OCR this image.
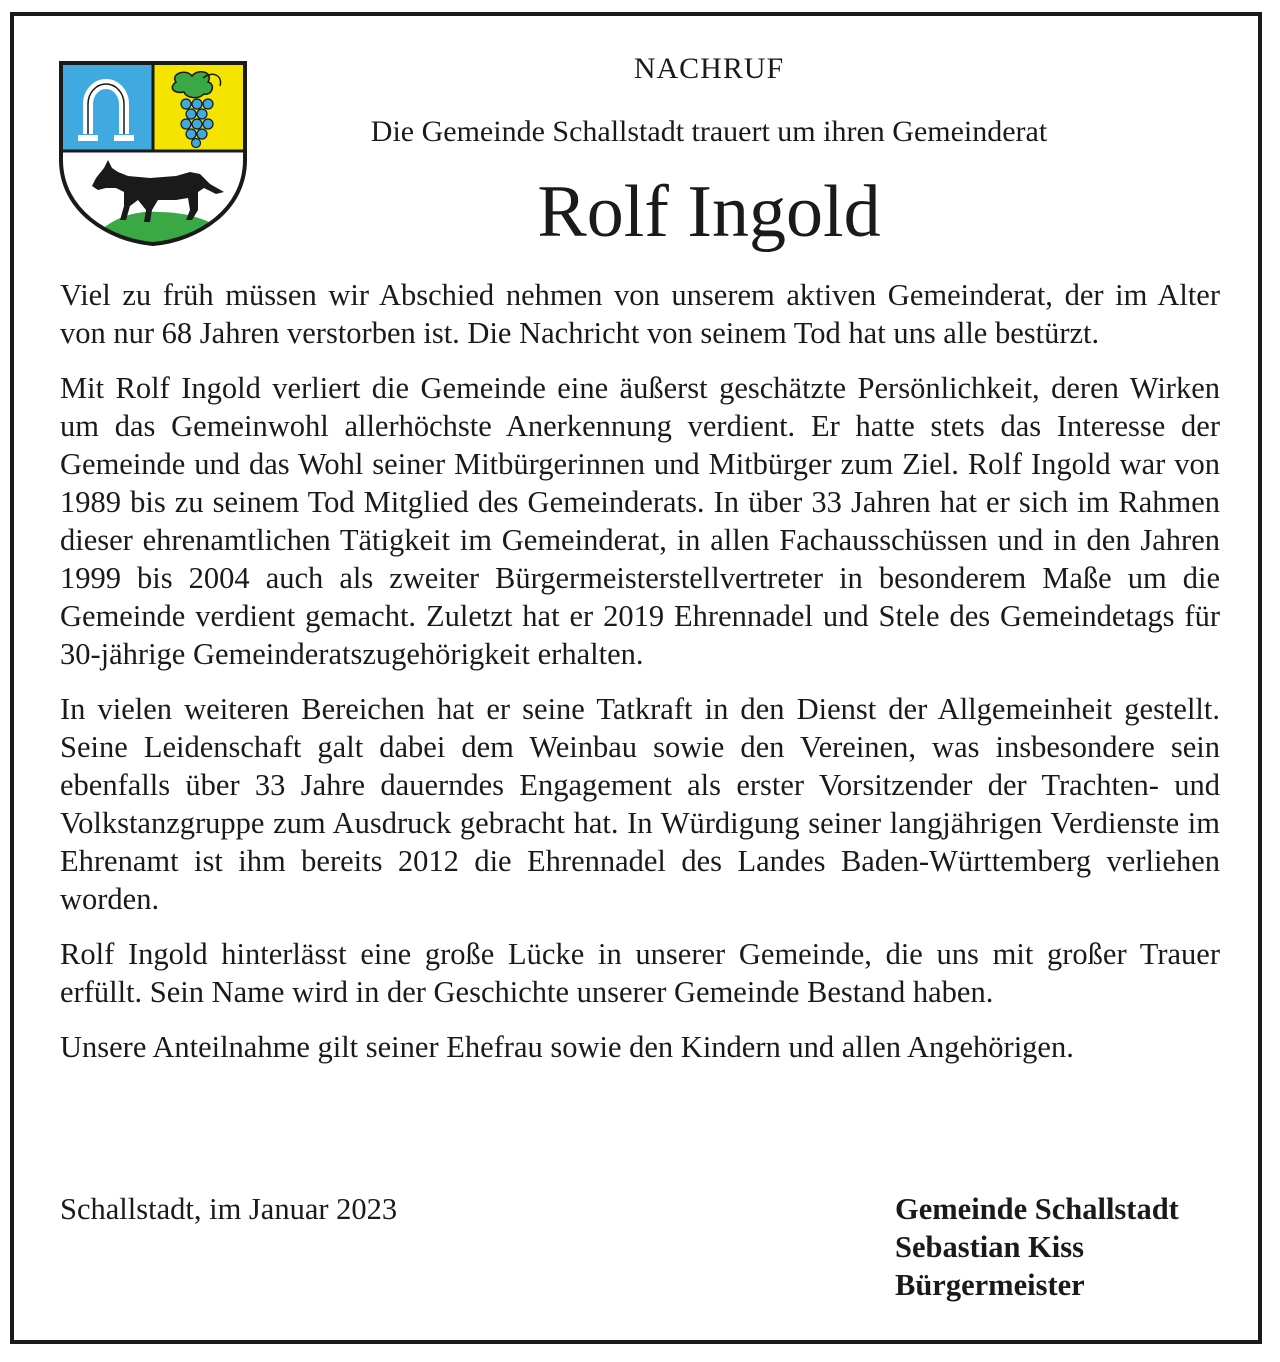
NACHRUF
Die Gemeinde Schallstadt trauert um ihren Gemeinderat
Rolf Ingold

Viel zu früh müssen wir Abschied nehmen von unserem aktiven Gemeinderat, der im Alter von nur 68 Jahren verstorben ist. Die Nachricht von seinem Tod hat uns alle bestürzt.

Mit Rolf Ingold verliert die Gemeinde eine äußerst geschätzte Persönlichkeit, deren Wirken um das Gemeinwohl allerhöchste Anerkennung verdient. Er hatte stets das Interesse der Gemeinde und das Wohl seiner Mitbürgerinnen und Mitbürger zum Ziel. Rolf Ingold war von 1989 bis zu seinem Tod Mitglied des Gemeinderats. In über 33 Jahren hat er sich im Rahmen dieser ehrenamtlichen Tätigkeit im Gemeinderat, in allen Fachausschüssen und in den Jahren 1999 bis 2004 auch als zweiter Bürgermeisterstellvertreter in besonderem Maße um die Gemeinde verdient gemacht. Zuletzt hat er 2019 Ehrennadel und Stele des Gemeindetags für 30-jährige Gemeinderatszugehörigkeit erhalten.

In vielen weiteren Bereichen hat er seine Tatkraft in den Dienst der Allgemeinheit gestellt. Seine Leidenschaft galt dabei dem Weinbau sowie den Vereinen, was insbesondere sein ebenfalls über 33 Jahre dauerndes Engagement als erster Vorsitzender der Trachten- und Volkstanzgruppe zum Ausdruck gebracht hat. In Würdigung seiner langjährigen Verdienste im Ehrenamt ist ihm bereits 2012 die Ehrennadel des Landes Baden-Württemberg verliehen worden.

Rolf Ingold hinterlässt eine große Lücke in unserer Gemeinde, die uns mit großer Trauer erfüllt. Sein Name wird in der Geschichte unserer Gemeinde Bestand haben.

Unsere Anteilnahme gilt seiner Ehefrau sowie den Kindern und allen Angehörigen.

Schallstadt, im Januar 2023	Gemeinde Schallstadt
Sebastian Kiss
Bürgermeister
